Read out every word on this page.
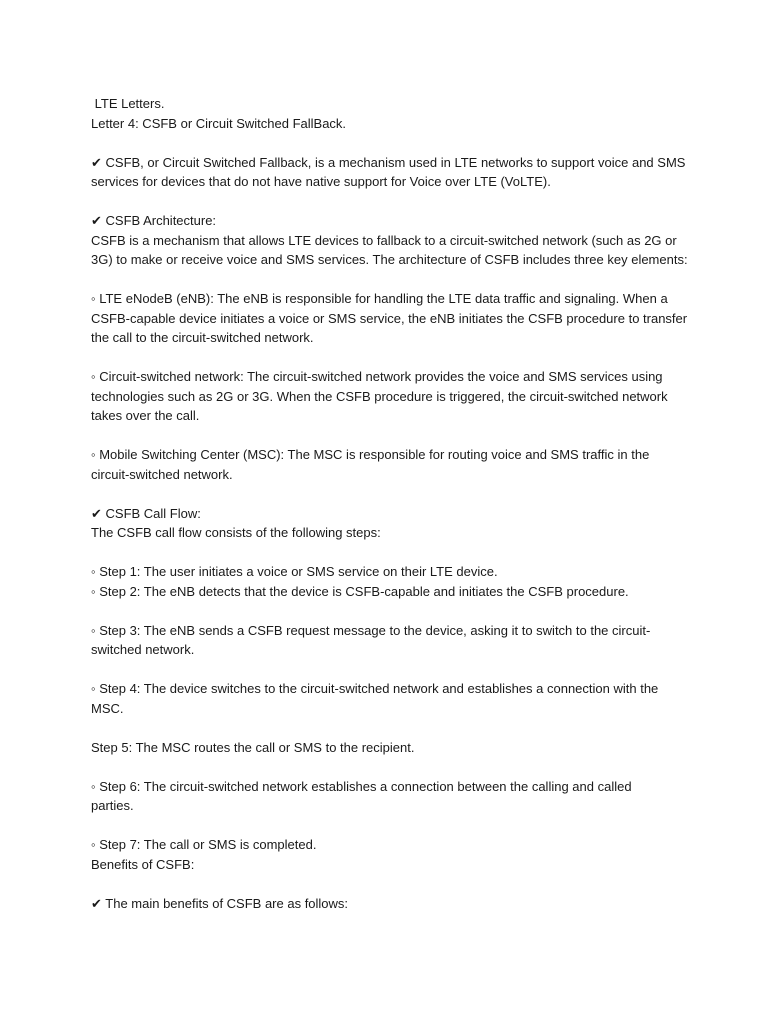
LTE Letters.
Letter 4: CSFB or Circuit Switched FallBack.
✔ CSFB, or Circuit Switched Fallback, is a mechanism used in LTE networks to support voice and SMS
services for devices that do not have native support for Voice over LTE (VoLTE).
✔ CSFB Architecture:
CSFB is a mechanism that allows LTE devices to fallback to a circuit-switched network (such as 2G or
3G) to make or receive voice and SMS services. The architecture of CSFB includes three key elements:
◦ LTE eNodeB (eNB): The eNB is responsible for handling the LTE data traffic and signaling. When a
CSFB-capable device initiates a voice or SMS service, the eNB initiates the CSFB procedure to transfer
the call to the circuit-switched network.
◦ Circuit-switched network: The circuit-switched network provides the voice and SMS services using
technologies such as 2G or 3G. When the CSFB procedure is triggered, the circuit-switched network
takes over the call.
◦ Mobile Switching Center (MSC): The MSC is responsible for routing voice and SMS traffic in the
circuit-switched network.
✔ CSFB Call Flow:
The CSFB call flow consists of the following steps:
◦ Step 1: The user initiates a voice or SMS service on their LTE device.
◦ Step 2: The eNB detects that the device is CSFB-capable and initiates the CSFB procedure.
◦ Step 3: The eNB sends a CSFB request message to the device, asking it to switch to the circuit-
switched network.
◦ Step 4: The device switches to the circuit-switched network and establishes a connection with the
MSC.
Step 5: The MSC routes the call or SMS to the recipient.
◦ Step 6: The circuit-switched network establishes a connection between the calling and called
parties.
◦ Step 7: The call or SMS is completed.
Benefits of CSFB:
✔ The main benefits of CSFB are as follows:
